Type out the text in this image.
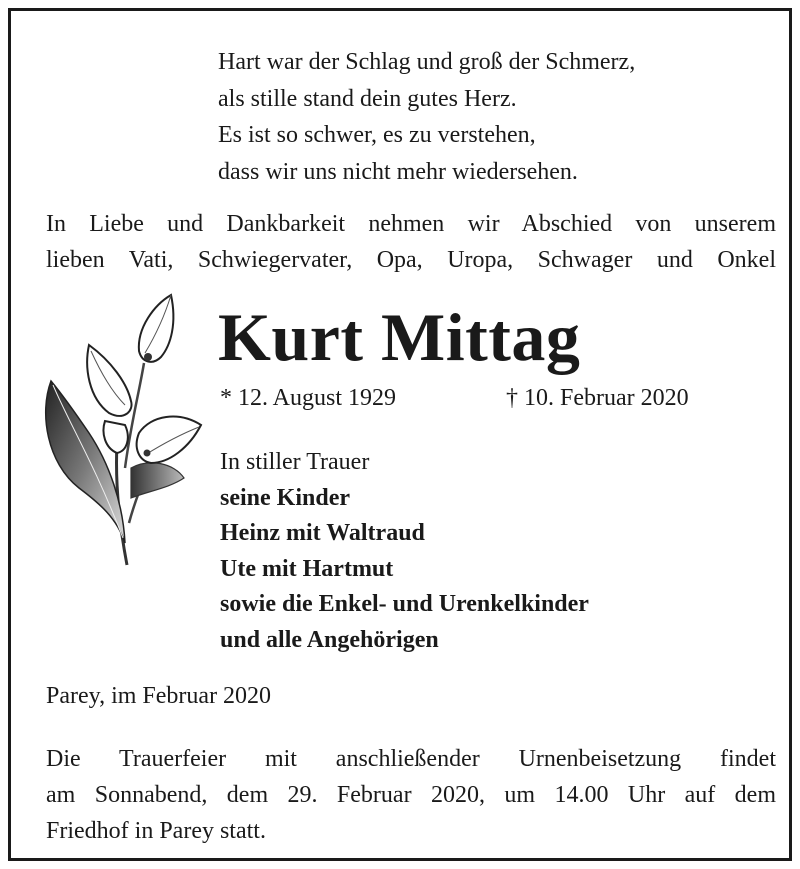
Hart war der Schlag und groß der Schmerz,
als stille stand dein gutes Herz.
Es ist so schwer, es zu verstehen,
dass wir uns nicht mehr wiedersehen.
In Liebe und Dankbarkeit nehmen wir Abschied von unserem
lieben Vati, Schwiegervater, Opa, Uropa, Schwager und Onkel
Kurt Mittag
* 12. August 1929	† 10. Februar 2020
In stiller Trauer
seine Kinder
Heinz mit Waltraud
Ute mit Hartmut
sowie die Enkel- und Urenkelkinder
und alle Angehörigen
Parey, im Februar 2020
Die Trauerfeier mit anschließender Urnenbeisetzung findet
am Sonnabend, dem 29. Februar 2020, um 14.00 Uhr auf dem
Friedhof in Parey statt.
